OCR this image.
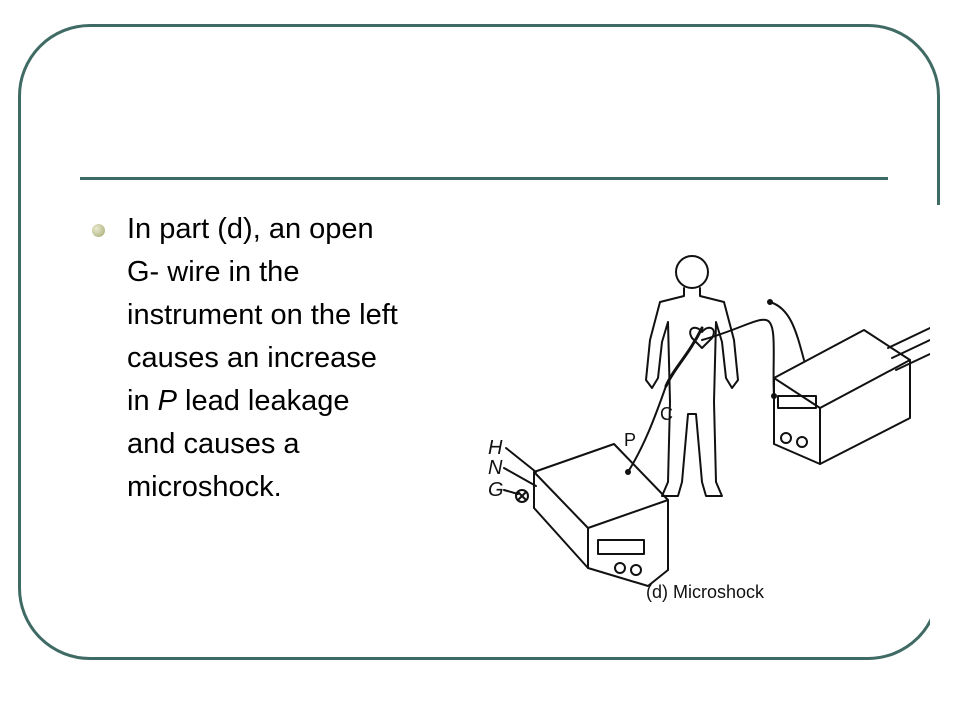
In part (d), an open
G- wire in the
instrument on the left
causes an increase
in P lead leakage
and causes a
microshock.
H
N
G
P
C
(d) Microshock
